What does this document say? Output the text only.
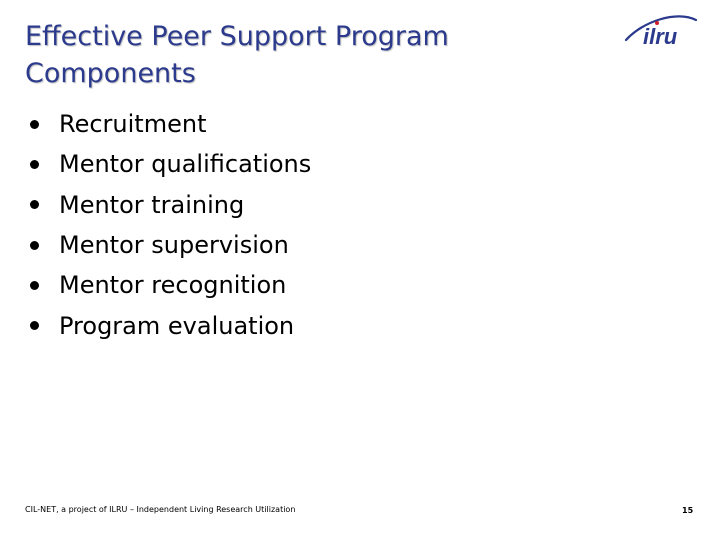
Effective Peer Support Program
Components
ilru
Recruitment
Mentor qualifications
Mentor training
Mentor supervision
Mentor recognition
Program evaluation
CIL-NET, a project of ILRU – Independent Living Research Utilization	15
